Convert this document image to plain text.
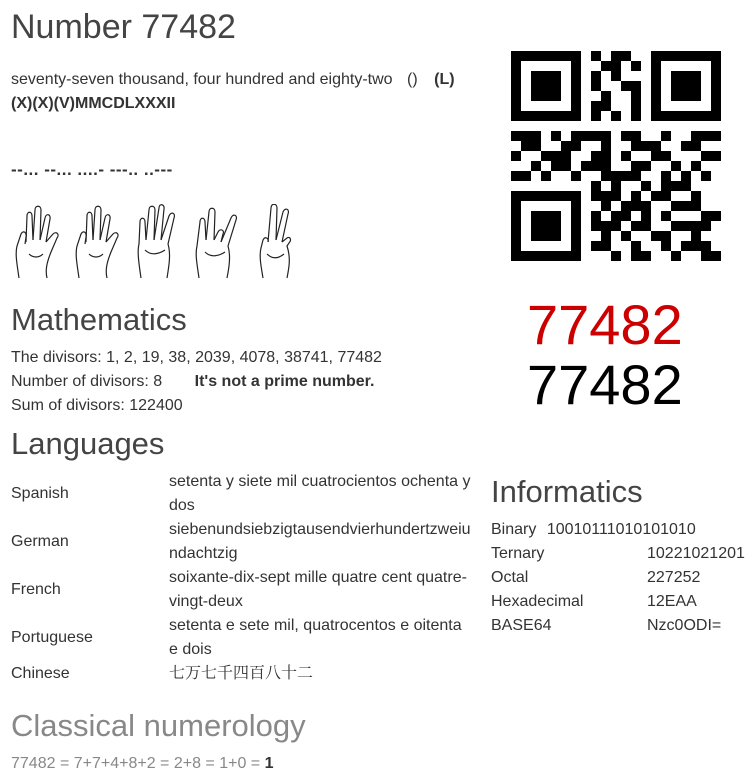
Number 77482
seventy-seven thousand, four hundred and eighty-two () (L)
(X)(X)(V)MMCDLXXXII
--... --... ....- ---.. ..---
77482
77482
Mathematics
The divisors: 1, 2, 19, 38, 2039, 4078, 38741, 77482
Number of divisors: 8 It's not a prime number.
Sum of divisors: 122400
Languages
Spanish	setenta y siete mil cuatrocientos ochenta y dos
German	siebenundsiebzigtausendvierhundertzweiundachtzig
French	soixante-dix-sept mille quatre cent quatre-vingt-deux
Portuguese	setenta e sete mil, quatrocentos e oitenta e dois
Chinese	七万七千四百八十二
Informatics
Binary 10010111010101010
Ternary	10221021201
Octal	227252
Hexadecimal	12EAA
BASE64	Nzc0ODI=
Classical numerology
77482 = 7+7+4+8+2 = 2+8 = 1+0 = 1
